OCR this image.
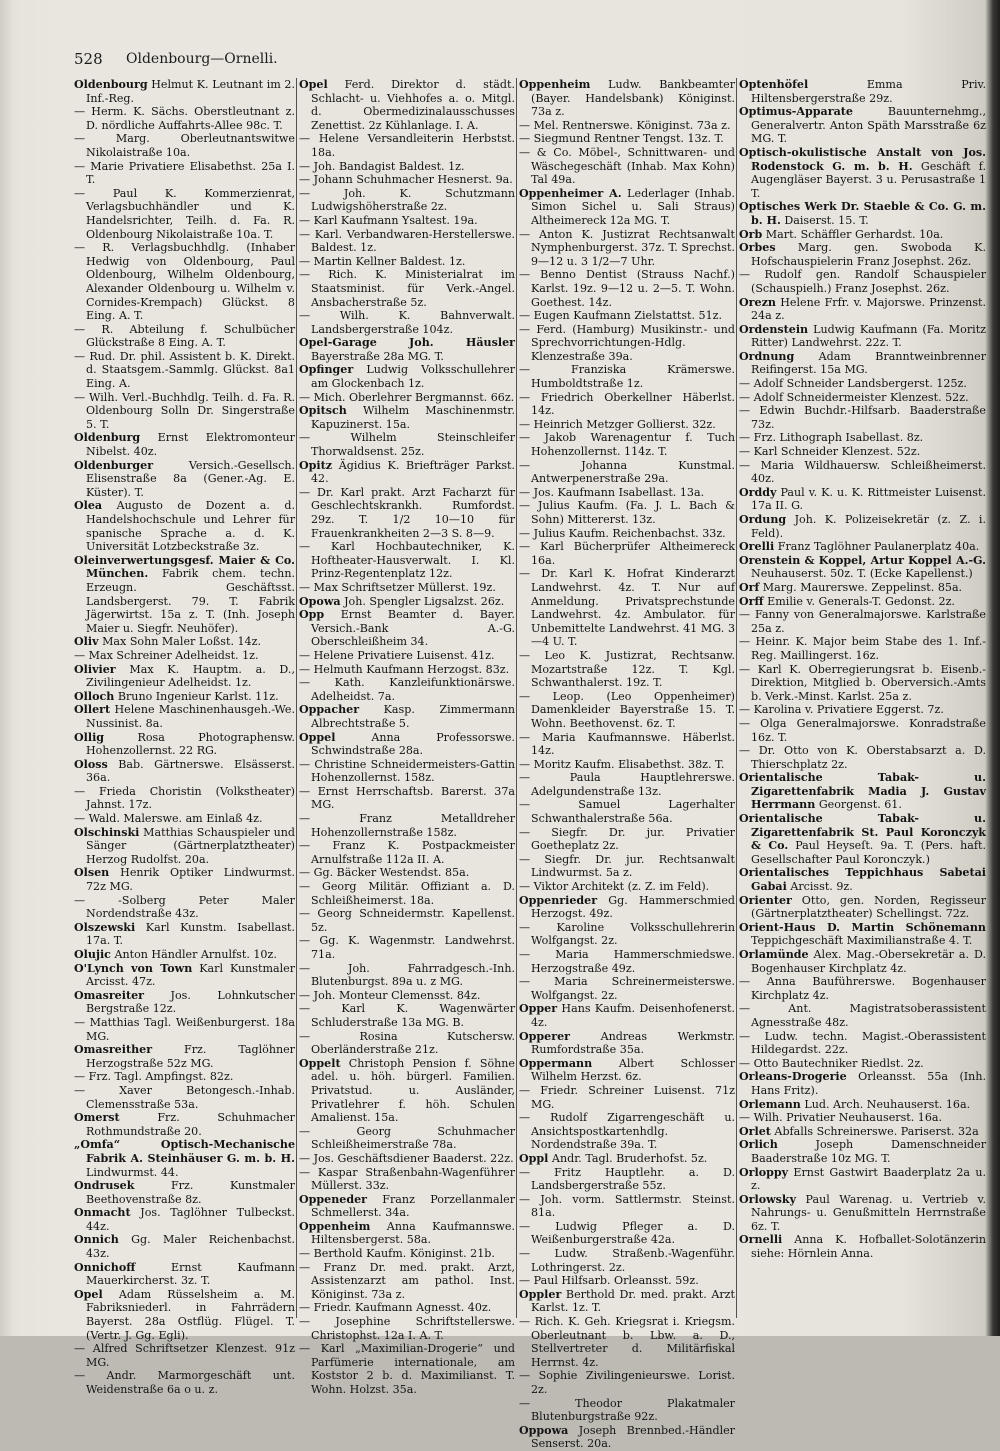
528 Oldenbourg—Ornelli.

Oldenbourg Helmut K. Leutnant im 2. Inf.-Reg.

— Herm. K. Sächs. Oberstleutnant z. D. nördliche Auffahrts-Allee 98c. T.

— Marg. Oberleutnantswitwe Nikolaistraße 10a.

— Marie Privatiere Elisabethst. 25a I. T.

— Paul K. Kommerzienrat, Verlagsbuchhändler und K. Handelsrichter, Teilh. d. Fa. R. Oldenbourg Nikolaistraße 10a. T.

— R. Verlagsbuchhdlg. (Inhaber Hedwig von Oldenbourg, Paul Oldenbourg, Wilhelm Oldenbourg, Alexander Oldenbourg u. Wilhelm v. Cornides-Krempach) Glückst. 8 Eing. A. T.

— R. Abteilung f. Schulbücher Glückstraße 8 Eing. A. T.

— Rud. Dr. phil. Assistent b. K. Direkt. d. Staatsgem.-Sammlg. Glückst. 8a1 Eing. A.

— Wilh. Verl.-Buchhdlg. Teilh. d. Fa. R. Oldenbourg Solln Dr. Singerstraße 5. T.

Oldenburg Ernst Elektromonteur Nibelst. 40z.

Oldenburger Versich.-Gesellsch. Elisenstraße 8a (Gener.-Ag. E. Küster). T.

Olea Augusto de Dozent a. d. Handelshochschule und Lehrer für spanische Sprache a. d. K. Universität Lotzbeckstraße 3z.

Oleinverwertungsgesf. Maier & Co. München. Fabrik chem. techn. Erzeugn. Geschäftsst. Landsbergerst. 79. T. Fabrik Jägerwirtst. 15a z. T. (Inh. Joseph Maier u. Siegfr. Neuhöfer).

Oliv Max Sohn Maler Loßst. 14z.

— Max Schreiner Adelheidst. 1z.

Olivier Max K. Hauptm. a. D., Zivilingenieur Adelheidst. 1z.

Olloch Bruno Ingenieur Karlst. 11z.

Ollert Helene Maschinenhausgeh.-We. Nussinist. 8a.

Ollig Rosa Photographensw. Hohenzollernst. 22 RG.

Oloss Bab. Gärtnerswe. Elsässerst. 36a.

— Frieda Choristin (Volkstheater) Jahnst. 17z.

— Wald. Malerswe. am Einlaß 4z.

Olschinski Matthias Schauspieler und Sänger (Gärtnerplatztheater) Herzog Rudolfst. 20a.

Olsen Henrik Optiker Lindwurmst. 72z MG.

— -Solberg Peter Maler Nordendstraße 43z.

Olszewski Karl Kunstm. Isabellast. 17a. T.

Olujic Anton Händler Arnulfst. 10z.

O'Lynch von Town Karl Kunstmaler Arcisst. 47z.

Omasreiter Jos. Lohnkutscher Bergstraße 12z.

— Matthias Tagl. Weißenburgerst. 18a MG.

Omasreither Frz. Taglöhner Herzogstraße 52z MG.

— Frz. Tagl. Ampfingst. 82z.

— Xaver Betongesch.-Inhab. Clemensstraße 53a.

Omerst Frz. Schuhmacher Rothmundstraße 20.

„Omfa“ Optisch-Mechanische Fabrik A. Steinhäuser G. m. b. H. Lindwurmst. 44.

Ondrusek Frz. Kunstmaler Beethovenstraße 8z.

Onmacht Jos. Taglöhner Tulbeckst. 44z.

Onnich Gg. Maler Reichenbachst. 43z.

Onnichoff Ernst Kaufmann Mauerkircherst. 3z. T.

Opel Adam Rüsselsheim a. M. Fabriksniederl. in Fahrrädern Bayerst. 28a Ostflüg. Flügel. T. (Vertr. J. Gg. Egli).

— Alfred Schriftsetzer Klenzest. 91z MG.

— Andr. Marmorgeschäft unt. Weidenstraße 6a o u. z.

Opel Ferd. Direktor d. städt. Schlacht- u. Viehhofes a. o. Mitgl. d. Obermedizinalausschusses Zenettist. 2z Kühlanlage. I. A.

— Helene Versandleiterin Herbstst. 18a.

— Joh. Bandagist Baldest. 1z.

— Johann Schuhmacher Hesnerst. 9a.

— Joh. K. Schutzmann Ludwigshöherstraße 2z.

— Karl Kaufmann Ysaltest. 19a.

— Karl. Verbandwaren-Herstellerswe. Baldest. 1z.

— Martin Kellner Baldest. 1z.

— Rich. K. Ministerialrat im Staatsminist. für Verk.-Angel. Ansbacherstraße 5z.

— Wilh. K. Bahnverwalt. Landsbergerstraße 104z.

Opel-Garage Joh. Häusler Bayerstraße 28a MG. T.

Opfinger Ludwig Volksschullehrer am Glockenbach 1z.

— Mich. Oberlehrer Bergmannst. 66z.

Opitsch Wilhelm Maschinenmstr. Kapuzinerst. 15a.

— Wilhelm Steinschleifer Thorwaldsenst. 25z.

Opitz Ägidius K. Briefträger Parkst. 42.

— Dr. Karl prakt. Arzt Facharzt für Geschlechtskrankh. Rumfordst. 29z. T. 1/2 10—10 für Frauenkrankheiten 2—3 S. 8—9.

— Karl Hochbautechniker, K. Hoftheater-Hausverwalt. I. Kl. Prinz-Regentenplatz 12z.

— Max Schriftsetzer Müllerst. 19z.

Opowa Joh. Spengler Ligsalzst. 26z.

Opp Ernst Beamter d. Bayer. Versich.-Bank A.-G. Oberschleißheim 34.

— Helene Privatiere Luisenst. 41z.

— Helmuth Kaufmann Herzogst. 83z.

— Kath. Kanzleifunktionärswe. Adelheidst. 7a.

Oppacher Kasp. Zimmermann Albrechtstraße 5.

Oppel Anna Professorswe. Schwindstraße 28a.

— Christine Schneidermeisters-Gattin Hohenzollernst. 158z.

— Ernst Herrschaftsb. Barerst. 37a MG.

— Franz Metalldreher Hohenzollernstraße 158z.

— Franz K. Postpackmeister Arnulfstraße 112a II. A.

— Gg. Bäcker Westendst. 85a.

— Georg Militär. Offiziant a. D. Schleißheimerst. 18a.

— Georg Schneidermstr. Kapellenst. 5z.

— Gg. K. Wagenmstr. Landwehrst. 71a.

— Joh. Fahrradgesch.-Inh. Blutenburgst. 89a u. z MG.

— Joh. Monteur Clemensst. 84z.

— Karl K. Wagenwärter Schluderstraße 13a MG. B.

— Rosina Kutschersw. Oberländerstraße 21z.

Oppelt Christoph Pension f. Söhne adel. u. höh. bürgerl. Familien. Privatstud. u. Ausländer, Privatlehrer f. höh. Schulen Amalienst. 15a.

— Georg Schuhmacher Schleißheimerstraße 78a.

— Jos. Geschäftsdiener Baaderst. 22z.

— Kaspar Straßenbahn-Wagenführer Müllerst. 33z.

Oppeneder Franz Porzellanmaler Schmellerst. 34a.

Oppenheim Anna Kaufmannswe. Hiltensbergerst. 58a.

— Berthold Kaufm. Königinst. 21b.

— Franz Dr. med. prakt. Arzt, Assistenzarzt am pathol. Inst. Königinst. 73a z.

— Friedr. Kaufmann Agnesst. 40z.

— Josephine Schriftstellerswe. Christophst. 12a I. A. T.

— Karl „Maximilian-Drogerie“ und Parfümerie internationale, am Koststor 2 b. d. Maximilianst. T. Wohn. Holzst. 35a.

Oppenheim Ludw. Bankbeamter (Bayer. Handelsbank) Königinst. 73a z.

— Mel. Rentnerswe. Königinst. 73a z.

— Siegmund Rentner Tengst. 13z. T.

— & Co. Möbel-, Schnittwaren- und Wäschegeschäft (Inhab. Max Kohn) Tal 49a.

Oppenheimer A. Lederlager (Inhab. Simon Sichel u. Sali Straus) Altheimereck 12a MG. T.

— Anton K. Justizrat Rechtsanwalt Nymphenburgerst. 37z. T. Sprechst. 9—12 u. 3 1/2—7 Uhr.

— Benno Dentist (Strauss Nachf.) Karlst. 19z. 9—12 u. 2—5. T. Wohn. Goethest. 14z.

— Eugen Kaufmann Zielstattst. 51z.

— Ferd. (Hamburg) Musikinstr.- und Sprechvorrichtungen-Hdlg. Klenzestraße 39a.

— Franziska Krämerswe. Humboldtstraße 1z.

— Friedrich Oberkellner Häberlst. 14z.

— Heinrich Metzger Gollierst. 32z.

— Jakob Warenagentur f. Tuch Hohenzollernst. 114z. T.

— Johanna Kunstmal. Antwerpenerstraße 29a.

— Jos. Kaufmann Isabellast. 13a.

— Julius Kaufm. (Fa. J. L. Bach & Sohn) Mittererst. 13z.

— Julius Kaufm. Reichenbachst. 33z.

— Karl Bücherprüfer Altheimereck 16a.

— Dr. Karl K. Hofrat Kinderarzt Landwehrst. 4z. T. Nur auf Anmeldung. Privatsprechstunde Landwehrst. 4z. Ambulator. für Unbemittelte Landwehrst. 41 MG. 3—4 U. T.

— Leo K. Justizrat, Rechtsanw. Mozartstraße 12z. T. Kgl. Schwanthalerst. 19z. T.

— Leop. (Leo Oppenheimer) Damenkleider Bayerstraße 15. T. Wohn. Beethovenst. 6z. T.

— Maria Kaufmannswe. Häberlst. 14z.

— Moritz Kaufm. Elisabethst. 38z. T.

— Paula Hauptlehrerswe. Adelgundenstraße 13z.

— Samuel Lagerhalter Schwanthalerstraße 56a.

— Siegfr. Dr. jur. Privatier Goetheplatz 2z.

— Siegfr. Dr. jur. Rechtsanwalt Lindwurmst. 5a z.

— Viktor Architekt (z. Z. im Feld).

Oppenrieder Gg. Hammerschmied Herzogst. 49z.

— Karoline Volksschullehrerin Wolfgangst. 2z.

— Maria Hammerschmiedswe. Herzogstraße 49z.

— Maria Schreinermeisterswe. Wolfgangst. 2z.

Opper Hans Kaufm. Deisenhofenerst. 4z.

Opperer Andreas Werkmstr. Rumfordstraße 35a.

Oppermann Albert Schlosser Wilhelm Herzst. 6z.

— Friedr. Schreiner Luisenst. 71z MG.

— Rudolf Zigarrengeschäft u. Ansichtspostkartenhdlg. Nordendstraße 39a. T.

Oppl Andr. Tagl. Bruderhofst. 5z.

— Fritz Hauptlehr. a. D. Landsbergerstraße 55z.

— Joh. vorm. Sattlermstr. Steinst. 81a.

— Ludwig Pfleger a. D. Weißenburgerstraße 42a.

— Ludw. Straßenb.-Wagenführ. Lothringerst. 2z.

— Paul Hilfsarb. Orleansst. 59z.

Oppler Berthold Dr. med. prakt. Arzt Karlst. 1z. T.

— Rich. K. Geh. Kriegsrat i. Kriegsm. Oberleutnant b. Lbw. a. D., Stellvertreter d. Militärfiskal Herrnst. 4z.

— Sophie Zivilingenieurswe. Lorist. 2z.

— Theodor Plakatmaler Blutenburgstraße 92z.

Oppowa Joseph Brennbed.-Händler Senserst. 20a.

Optenhöfel Emma Priv. Hiltensbergerstraße 29z.

Optimus-Apparate Bauunternehmg., Generalvertr. Anton Späth Marsstraße 6z MG. T.

Optisch-okulistische Anstalt von Jos. Rodenstock G. m. b. H. Geschäft f. Augengläser Bayerst. 3 u. Perusastraße 1 T.

Optisches Werk Dr. Staeble & Co. G. m. b. H. Daiserst. 15. T.

Orb Mart. Schäffler Gerhardst. 10a.

Orbes Marg. gen. Swoboda K. Hofschauspielerin Franz Josephst. 26z.

— Rudolf gen. Randolf Schauspieler (Schauspielh.) Franz Josephst. 26z.

Orezn Helene Frfr. v. Majorswe. Prinzenst. 24a z.

Ordenstein Ludwig Kaufmann (Fa. Moritz Ritter) Landwehrst. 22z. T.

Ordnung Adam Branntweinbrenner Reifingerst. 15a MG.

— Adolf Schneider Landsbergerst. 125z.

— Adolf Schneidermeister Klenzest. 52z.

— Edwin Buchdr.-Hilfsarb. Baaderstraße 73z.

— Frz. Lithograph Isabellast. 8z.

— Karl Schneider Klenzest. 52z.

— Maria Wildhauersw. Schleißheimerst. 40z.

Orddy Paul v. K. u. K. Rittmeister Luisenst. 17a II. G.

Ordung Joh. K. Polizeisekretär (z. Z. i. Feld).

Orelli Franz Taglöhner Paulanerplatz 40a.

Orenstein & Koppel, Artur Koppel A.-G. Neuhauserst. 50z. T. (Ecke Kapellenst.)

Orf Marg. Maurerswe. Zeppelinst. 85a.

Orff Emilie v. Generals-T. Gedonst. 2z.

— Fanny von Generalmajorswe. Karlstraße 25a z.

— Heinr. K. Major beim Stabe des 1. Inf.-Reg. Maillingerst. 16z.

— Karl K. Oberregierungsrat b. Eisenb.-Direktion, Mitglied b. Oberversich.-Amts b. Verk.-Minst. Karlst. 25a z.

— Karolina v. Privatiere Eggerst. 7z.

— Olga Generalmajorswe. Konradstraße 16z. T.

— Dr. Otto von K. Oberstabsarzt a. D. Thierschplatz 2z.

Orientalische Tabak- u. Zigarettenfabrik Madia J. Gustav Herrmann Georgenst. 61.

Orientalische Tabak- u. Zigarettenfabrik St. Paul Koronczyk & Co. Paul Heyseſt. 9a. T. (Pers. haft. Gesellschafter Paul Koronczyk.)

Orientalisches Teppichhaus Sabetai Gabai Arcisst. 9z.

Orienter Otto, gen. Norden, Regisseur (Gärtnerplatztheater) Schellingst. 72z.

Orient-Haus D. Martin Schönemann Teppichgeschäft Maximilianstraße 4. T.

Orlamünde Alex. Mag.-Obersekretär a. D. Bogenhauser Kirchplatz 4z.

— Anna Bauführerswe. Bogenhauser Kirchplatz 4z.

— Ant. Magistratsoberassistent Agnesstraße 48z.

— Ludw. techn. Magist.-Oberassistent Hildegardst. 22z.

— Otto Bautechniker Riedlst. 2z.

Orleans-Drogerie Orleansst. 55a (Inh. Hans Fritz).

Orlemann Lud. Arch. Neuhauserst. 16a.

— Wilh. Privatier Neuhauserst. 16a.

Orlet Abfalls Schreinerswe. Pariserst. 32a

Orlich Joseph Damenschneider Baaderstraße 10z MG. T.

Orloppy Ernst Gastwirt Baaderplatz 2a u. z.

Orlowsky Paul Warenag. u. Vertrieb v. Nahrungs- u. Genußmitteln Herrnstraße 6z. T.

Ornelli Anna K. Hofballet-Solotänzerin siehe: Hörnlein Anna.
